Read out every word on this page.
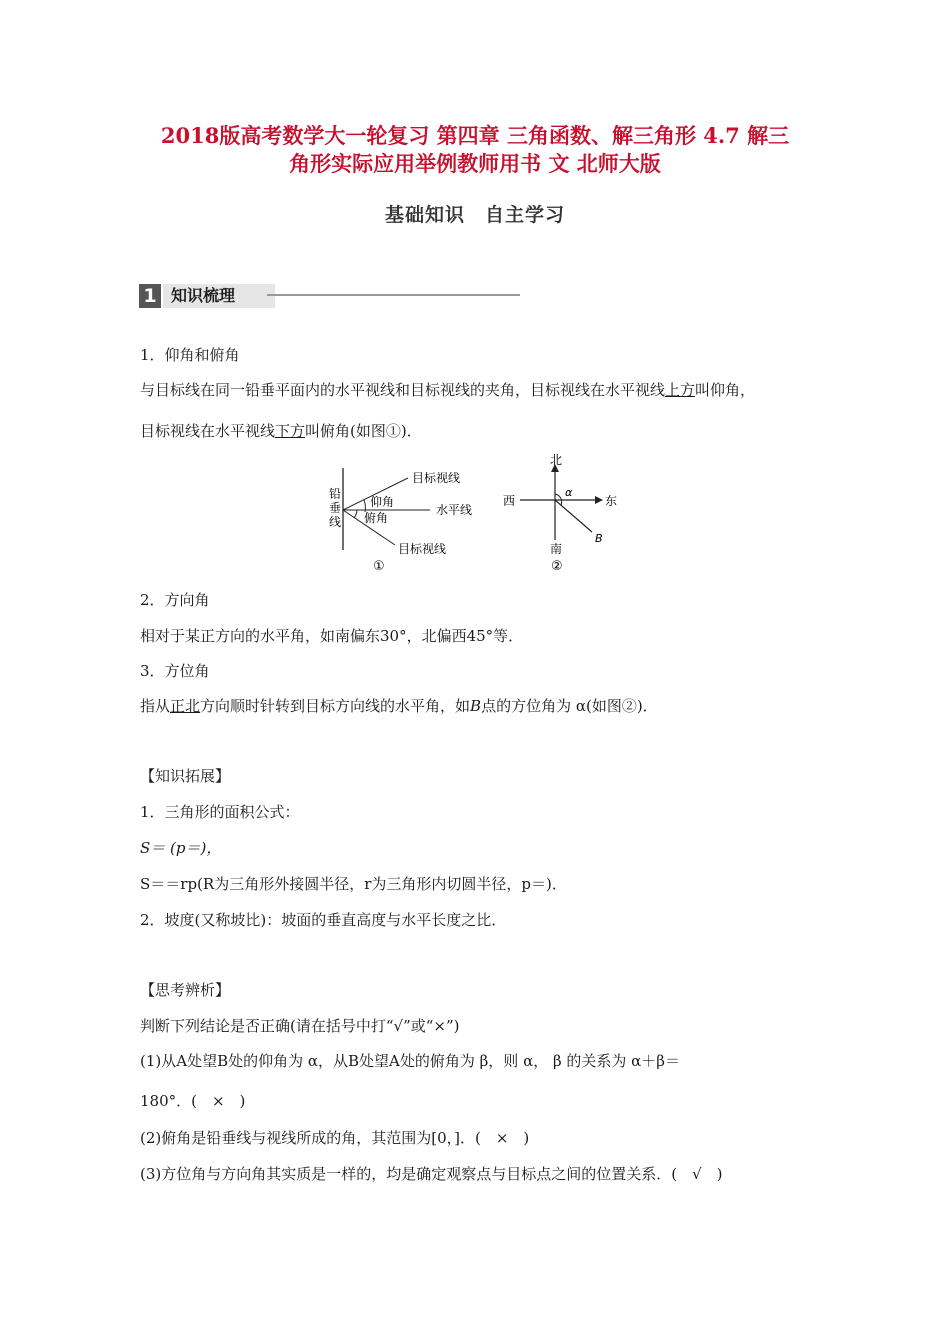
2018版高考数学大一轮复习 第四章 三角函数、解三角形 4.7 解三
角形实际应用举例教师用书 文 北师大版
基础知识　自主学习
1 知识梳理
1．仰角和俯角
与目标线在同一铅垂平面内的水平视线和目标视线的夹角，目标视线在水平视线上方叫仰角，
目标视线在水平视线下方叫俯角(如图①)．
铅
垂
线
目标视线
仰角
水平线
俯角
目标视线
①
北
西	东
南
α
B
②
2．方向角
相对于某正方向的水平角，如南偏东30°，北偏西45°等．
3．方位角
指从正北方向顺时针转到目标方向线的水平角，如B点的方位角为 α(如图②)．
【知识拓展】
1．三角形的面积公式：
S＝ (p＝)，
S＝＝rp(R为三角形外接圆半径，r为三角形内切圆半径，p＝)．
2．坡度(又称坡比)：坡面的垂直高度与水平长度之比．
【思考辨析】
判断下列结论是否正确(请在括号中打“√”或“×”)
(1)从A处望B处的仰角为 α，从B处望A处的俯角为 β，则 α， β 的关系为 α＋β＝
180°．(　×　)
(2)俯角是铅垂线与视线所成的角，其范围为[0，]．(　×　)
(3)方位角与方向角其实质是一样的，均是确定观察点与目标点之间的位置关系．(　√　)
